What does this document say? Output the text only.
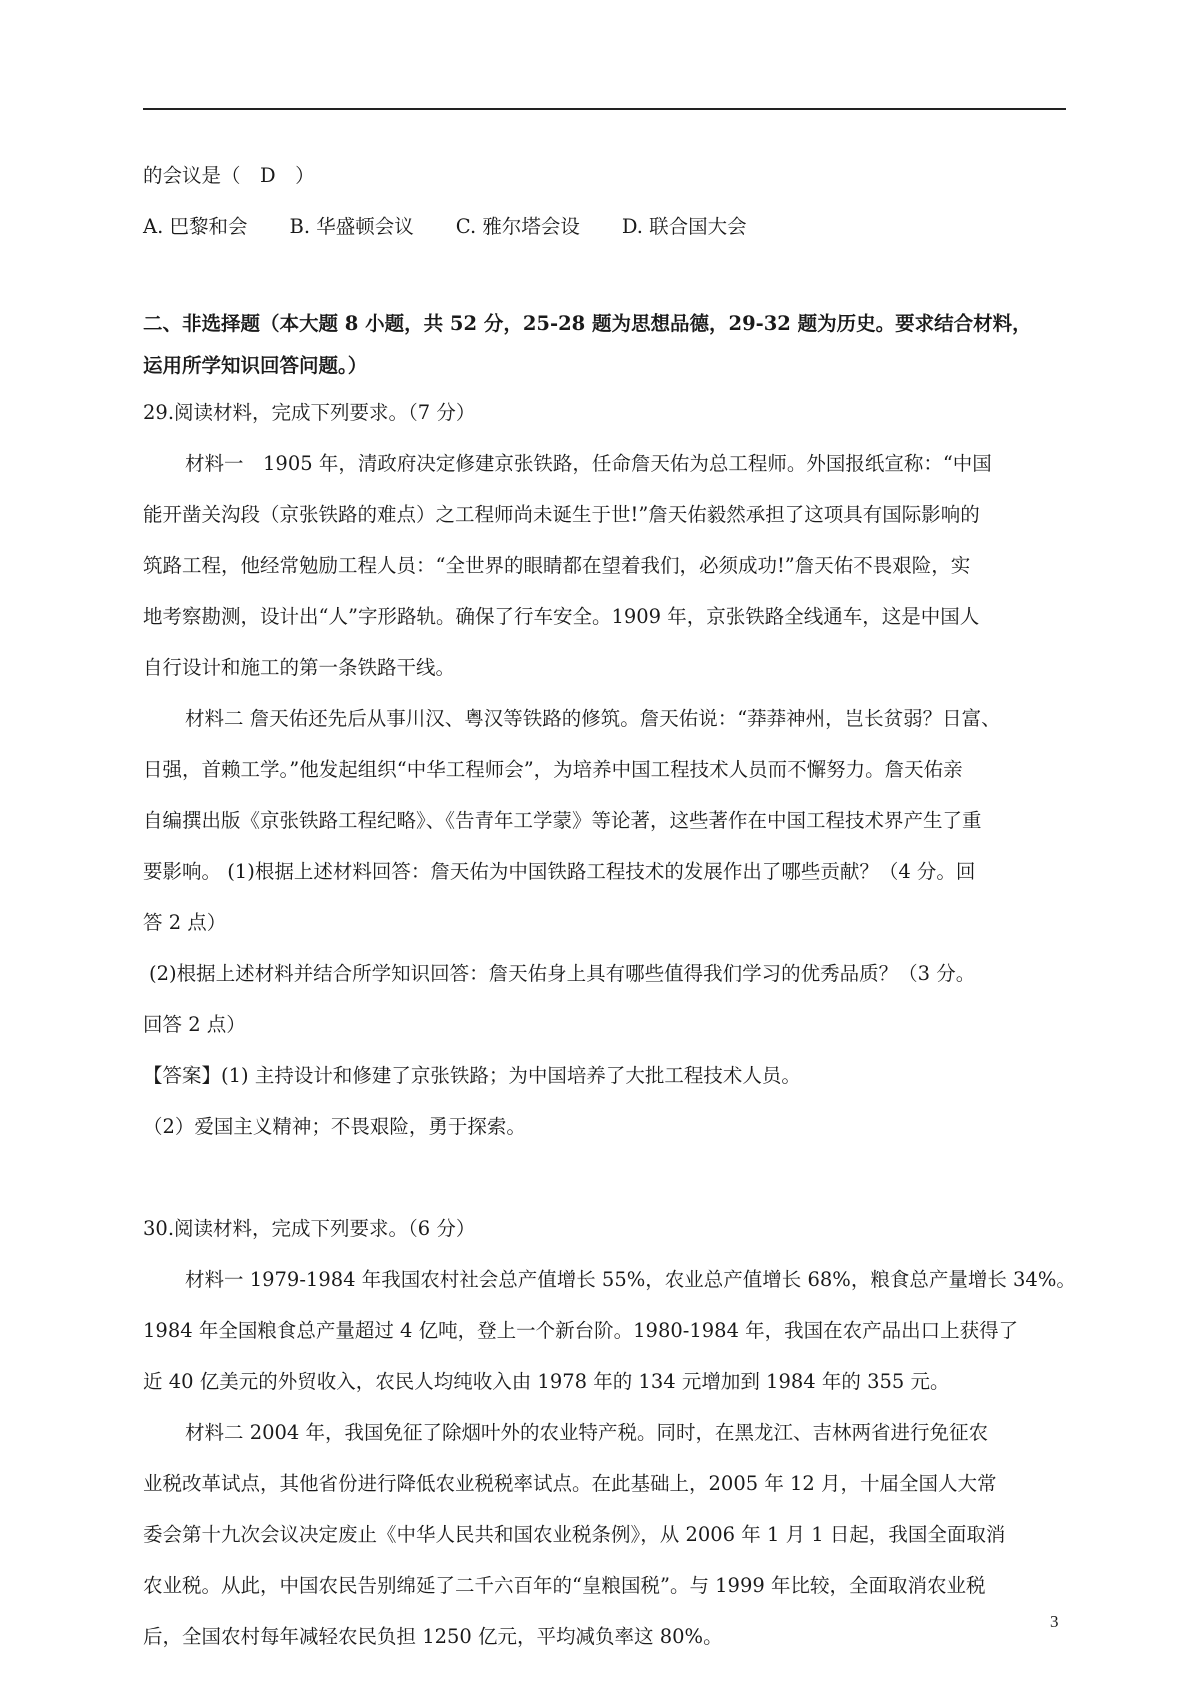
的会议是（　D　）
A. 巴黎和会 B. 华盛顿会议 C. 雅尔塔会设 D. 联合国大会
二、非选择题（本大题 8 小题，共 52 分，25-28 题为思想品德，29-32 题为历史。要求结合材料，
运用所学知识回答问题。）
29.阅读材料，完成下列要求。（7 分）
材料一　1905 年，清政府决定修建京张铁路，任命詹天佑为总工程师。外国报纸宣称：“中国
能开凿关沟段（京张铁路的难点）之工程师尚未诞生于世!”詹天佑毅然承担了这项具有国际影响的
筑路工程，他经常勉励工程人员：“全世界的眼睛都在望着我们，必须成功!”詹天佑不畏艰险，实
地考察勘测，设计出“人”字形路轨。确保了行车安全。1909 年，京张铁路全线通车，这是中国人
自行设计和施工的第一条铁路干线。
材料二 詹天佑还先后从事川汉、粤汉等铁路的修筑。詹天佑说：“莽莽神州，岂长贫弱？日富、
日强，首赖工学。”他发起组织“中华工程师会”，为培养中国工程技术人员而不懈努力。詹天佑亲
自编撰出版《京张铁路工程纪略》、《告青年工学蒙》等论著，这些著作在中国工程技术界产生了重
要影响。 (1)根据上述材料回答：詹天佑为中国铁路工程技术的发展作出了哪些贡献？（4 分。回
答 2 点）
(2)根据上述材料并结合所学知识回答：詹天佑身上具有哪些值得我们学习的优秀品质？（3 分。
回答 2 点）
【答案】(1) 主持设计和修建了京张铁路；为中国培养了大批工程技术人员。
（2）爱国主义精神；不畏艰险，勇于探索。
30.阅读材料，完成下列要求。（6 分）
材料一 1979-1984 年我国农村社会总产值增长 55%，农业总产值增长 68%，粮食总产量增长 34%。
1984 年全国粮食总产量超过 4 亿吨，登上一个新台阶。1980-1984 年，我国在农产品出口上获得了
近 40 亿美元的外贸收入，农民人均纯收入由 1978 年的 134 元增加到 1984 年的 355 元。
材料二 2004 年，我国免征了除烟叶外的农业特产税。同时，在黑龙江、吉林两省进行免征农
业税改革试点，其他省份进行降低农业税税率试点。在此基础上，2005 年 12 月，十届全国人大常
委会第十九次会议决定废止《中华人民共和国农业税条例》，从 2006 年 1 月 1 日起，我国全面取消
农业税。从此，中国农民告别绵延了二千六百年的“皇粮国税”。与 1999 年比较，全面取消农业税
后，全国农村每年减轻农民负担 1250 亿元，平均减负率这 80%。
3
